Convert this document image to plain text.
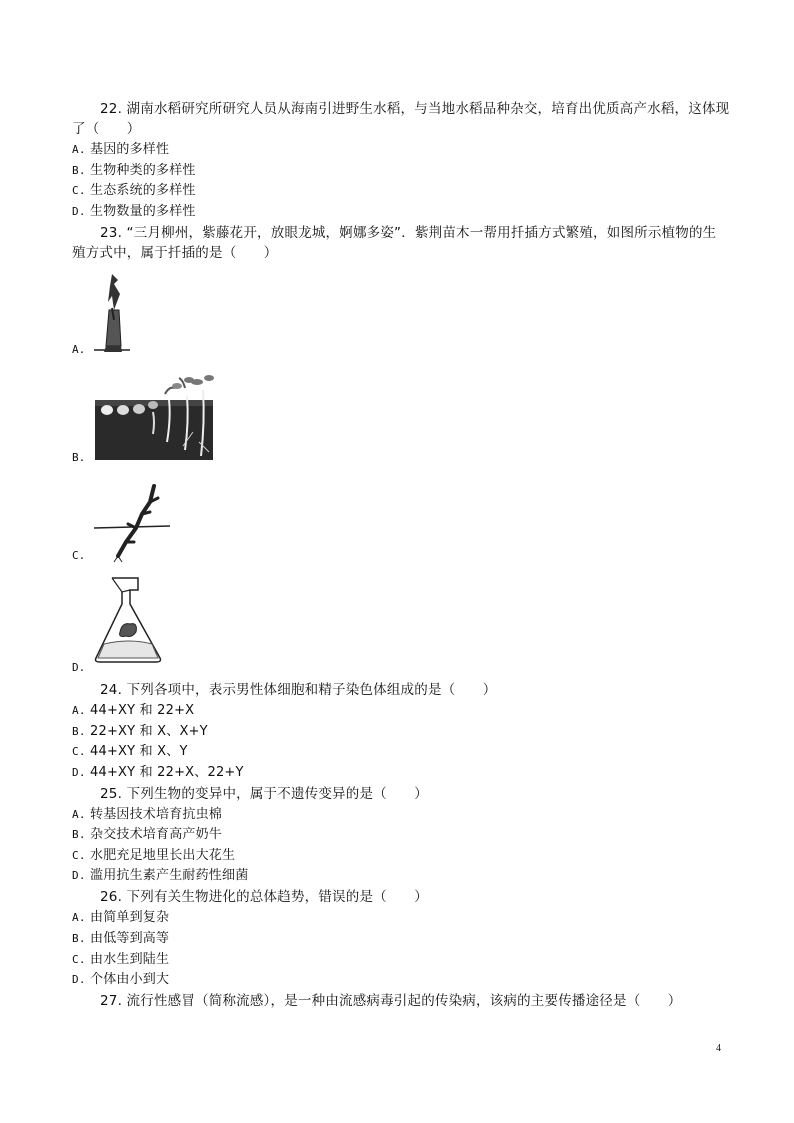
22. 湖南水稻研究所研究人员从海南引进野生水稻，与当地水稻品种杂交，培育出优质高产水稻，这体现
了（　　）
A. 基因的多样性
B. 生物种类的多样性
C. 生态系统的多样性
D. 生物数量的多样性
23. “三月柳州，紫藤花开，放眼龙城，婀娜多姿”．紫荆苗木一帮用扦插方式繁殖，如图所示植物的生
殖方式中，属于扦插的是（　　）
A.
B.
C.
D.
24. 下列各项中，表示男性体细胞和精子染色体组成的是（　　）
A. 44+XY 和 22+X
B. 22+XY 和 X、X+Y
C. 44+XY 和 X、Y
D. 44+XY 和 22+X、22+Y
25. 下列生物的变异中，属于不遗传变异的是（　　）
A. 转基因技术培育抗虫棉
B. 杂交技术培育高产奶牛
C. 水肥充足地里长出大花生
D. 滥用抗生素产生耐药性细菌
26. 下列有关生物进化的总体趋势，错误的是（　　）
A. 由简单到复杂
B. 由低等到高等
C. 由水生到陆生
D. 个体由小到大
27. 流行性感冒（简称流感），是一种由流感病毒引起的传染病，该病的主要传播途径是（　　）
4
